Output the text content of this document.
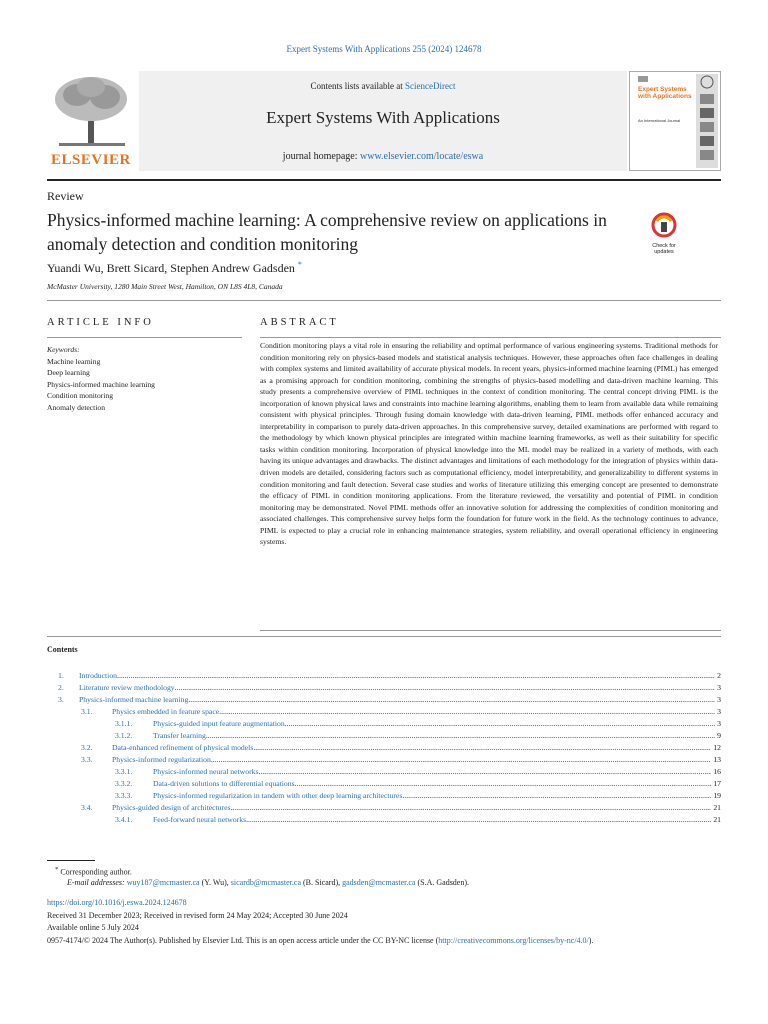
Expert Systems With Applications 255 (2024) 124678
ELSEVIER
Contents lists available at ScienceDirect
Expert Systems With Applications
journal homepage: www.elsevier.com/locate/eswa
Expert Systems with Applications
An International Journal
Review
Physics-informed machine learning: A comprehensive review on applications in anomaly detection and condition monitoring	Check for updates
Yuandi Wu, Brett Sicard, Stephen Andrew Gadsden *
McMaster University, 1280 Main Street West, Hamilton, ON L8S 4L8, Canada
ARTICLE INFO
Keywords:
Machine learning
Deep learning
Physics-informed machine learning
Condition monitoring
Anomaly detection
ABSTRACT
Condition monitoring plays a vital role in ensuring the reliability and optimal performance of various engineering systems. Traditional methods for condition monitoring rely on physics-based models and statistical analysis techniques. However, these approaches often face challenges in dealing with complex systems and limited availability of accurate physical models. In recent years, physics-informed machine learning (PIML) has emerged as a promising approach for condition monitoring, combining the strengths of physics-based modelling and data-driven machine learning. This study presents a comprehensive overview of PIML techniques in the context of condition monitoring. The central concept driving PIML is the incorporation of known physical laws and constraints into machine learning algorithms, enabling them to learn from available data while remaining consistent with physical principles. Through fusing domain knowledge with data-driven learning, PIML methods offer enhanced accuracy and interpretability in comparison to purely data-driven approaches. In this comprehensive survey, detailed examinations are performed with regard to the methodology by which known physical principles are integrated within machine learning frameworks, as well as their suitability for specific tasks within condition monitoring. Incorporation of physical knowledge into the ML model may be realized in a variety of methods, with each having its unique advantages and drawbacks. The distinct advantages and limitations of each methodology for the integration of physics within data-driven models are detailed, considering factors such as computational efficiency, model interpretability, and generalizability to different systems in condition monitoring and fault detection. Several case studies and works of literature utilizing this emerging concept are presented to demonstrate the efficacy of PIML in condition monitoring applications. From the literature reviewed, the versatility and potential of PIML in condition monitoring may be demonstrated. Novel PIML methods offer an innovative solution for addressing the complexities of condition monitoring and associated challenges. This comprehensive survey helps form the foundation for future work in the field. As the technology continues to advance, PIML is expected to play a crucial role in enhancing maintenance strategies, system reliability, and overall operational efficiency in engineering systems.
Contents
1. Introduction .....	2
2. Literature review methodology .....	3
3. Physics-informed machine learning .....	3
3.1.	Physics embedded in feature space .....	3
3.1.1.	Physics-guided input feature augmentation .....	3
3.1.2.	Transfer learning .....	9
3.2.	Data-enhanced refinement of physical models .....	12
3.3.	Physics-informed regularization .....	13
3.3.1.	Physics-informed neural networks .....	16
3.3.2.	Data-driven solutions to differential equations .....	17
3.3.3.	Physics-informed regularization in tandem with other deep learning architectures .....	19
3.4.	Physics-guided design of architectures .....	21
3.4.1.	Feed-forward neural networks .....	21
* Corresponding author.
E-mail addresses: wuy187@mcmaster.ca (Y. Wu), sicardb@mcmaster.ca (B. Sicard), gadsden@mcmaster.ca (S.A. Gadsden).
https://doi.org/10.1016/j.eswa.2024.124678
Received 31 December 2023; Received in revised form 24 May 2024; Accepted 30 June 2024
Available online 5 July 2024
0957-4174/© 2024 The Author(s). Published by Elsevier Ltd. This is an open access article under the CC BY-NC license (http://creativecommons.org/licenses/by-nc/4.0/).
